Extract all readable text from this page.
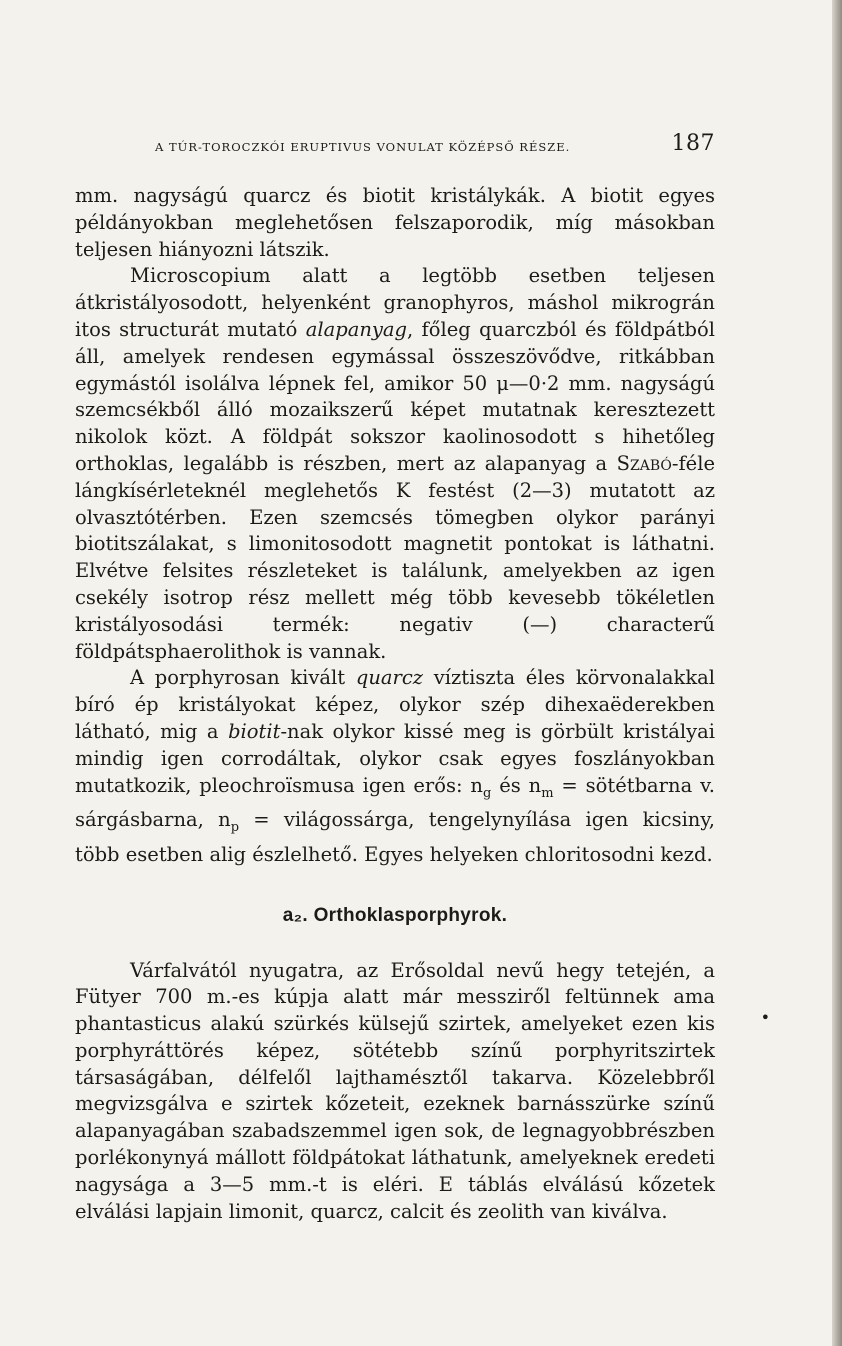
A TÚR-TOROCZKÓI ERUPTIVUS VONULAT KÖZÉPSŐ RÉSZE.	187

mm. nagyságú quarcz és biotit kristálykák. A biotit egyes példányokban meglehetősen felszaporodik, míg másokban teljesen hiányozni látszik.

Microscopium alatt a legtöbb esetben teljesen átkristályosodott, helyenként granophyros, máshol mikrográn itos structurát mutató alapanyag, főleg quarczból és földpátból áll, amelyek rendesen egymással összeszövődve, ritkábban egymástól isolálva lépnek fel, amikor 50 μ—0·2 mm. nagyságú szemcsékből álló mozaikszerű képet mutatnak keresztezett nikolok közt. A földpát sokszor kaolinosodott s hihetőleg orthoklas, legalább is részben, mert az alapanyag a Szabó-féle lángkísérleteknél meglehetős K festést (2—3) mutatott az olvasztótérben. Ezen szemcsés tömegben olykor parányi biotitszálakat, s limonitosodott magnetit pontokat is láthatni. Elvétve felsites részleteket is találunk, amelyekben az igen csekély isotrop rész mellett még több kevesebb tökéletlen kristályosodási termék: negativ (—) characterű földpátsphaerolithok is vannak.

A porphyrosan kivált quarcz víztiszta éles körvonalakkal bíró ép kristályokat képez, olykor szép dihexaëderekben látható, mig a biotit-nak olykor kissé meg is görbült kristályai mindig igen corrodáltak, olykor csak egyes foszlányokban mutatkozik, pleochroïsmusa igen erős: $n_g$ és $n_m$ = sötétbarna v. sárgásbarna, $n_p$ = világossárga, tengelynyílása igen kicsiny, több esetben alig észlelhető. Egyes helyeken chloritosodni kezd.

a₂. Orthoklasporphyrok.

Várfalvától nyugatra, az Erősoldal nevű hegy tetején, a Fütyer 700 m.-es kúpja alatt már messziről feltünnek ama phantasticus alakú szürkés külsejű szirtek, amelyeket ezen kis porphyráttörés képez, sötétebb színű porphyritszirtek társaságában, délfelől lajthamésztől takarva. Közelebbről megvizsgálva e szirtek kőzeteit, ezeknek barnásszürke színű alapanyagában szabadszemmel igen sok, de legnagyobbrészben porlékonynyá mállott földpátokat láthatunk, amelyeknek eredeti nagysága a 3—5 mm.-t is eléri. E táblás elválású kőzetek elválási lapjain limonit, quarcz, calcit és zeolith van kiválva.

•
